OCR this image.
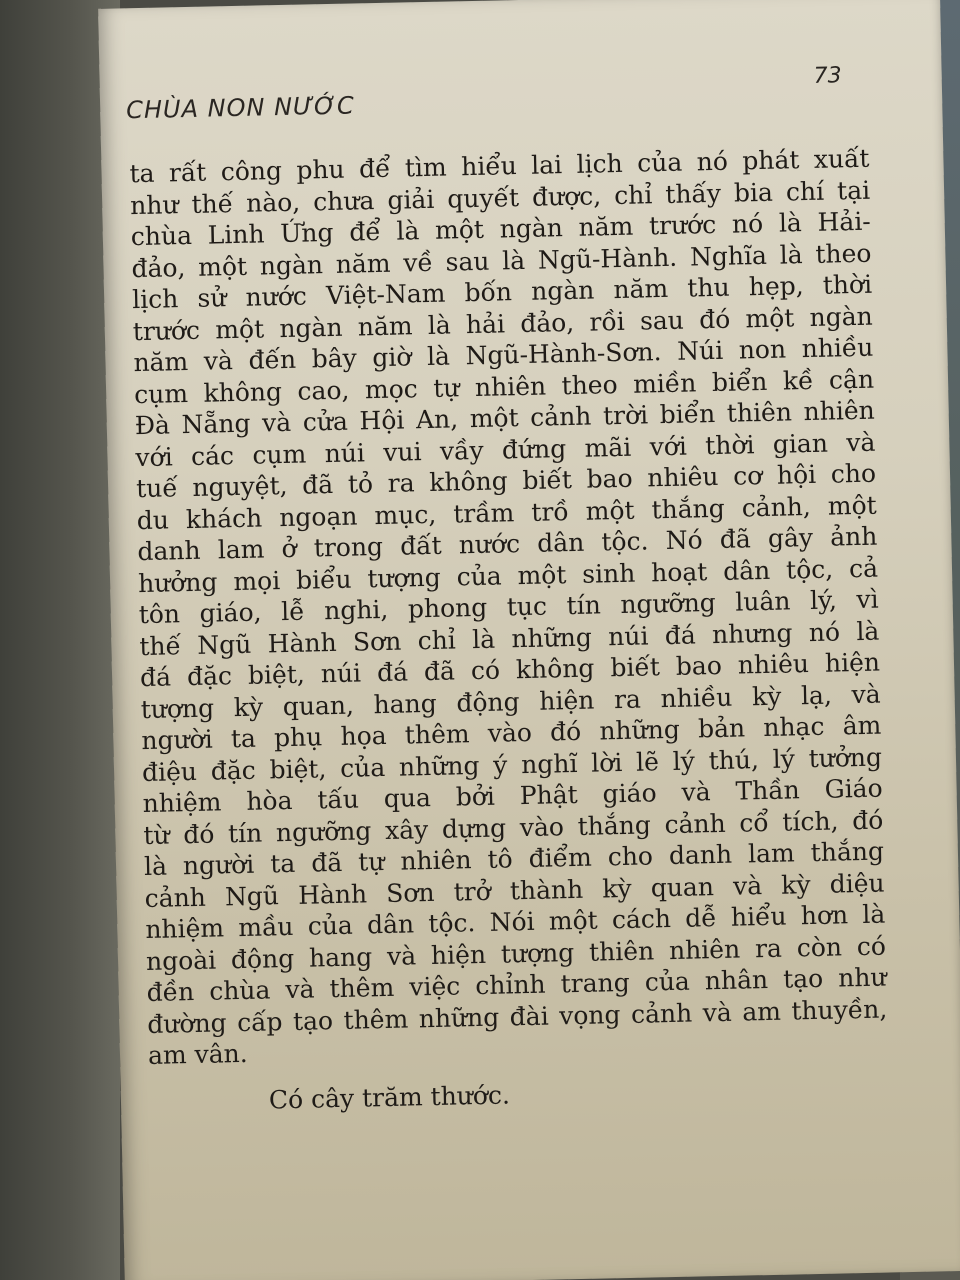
CHÙA NON NƯỚC
73
ta rất công phu để tìm hiểu lai lịch của nó phát xuất
như thế nào, chưa giải quyết được, chỉ thấy bia chí tại
chùa Linh Ứng để là một ngàn năm trước nó là Hải-
đảo, một ngàn năm về sau là Ngũ-Hành. Nghĩa là theo
lịch sử nước Việt-Nam bốn ngàn năm thu hẹp, thời
trước một ngàn năm là hải đảo, rồi sau đó một ngàn
năm và đến bây giờ là Ngũ-Hành-Sơn. Núi non nhiều
cụm không cao, mọc tự nhiên theo miền biển kề cận
Đà Nẵng và cửa Hội An, một cảnh trời biển thiên nhiên
với các cụm núi vui vầy đứng mãi với thời gian và
tuế nguyệt, đã tỏ ra không biết bao nhiêu cơ hội cho
du khách ngoạn mục, trầm trồ một thắng cảnh, một
danh lam ở trong đất nước dân tộc. Nó đã gây ảnh
hưởng mọi biểu tượng của một sinh hoạt dân tộc, cả
tôn giáo, lễ nghi, phong tục tín ngưỡng luân lý, vì
thế Ngũ Hành Sơn chỉ là những núi đá nhưng nó là
đá đặc biệt, núi đá đã có không biết bao nhiêu hiện
tượng kỳ quan, hang động hiện ra nhiều kỳ lạ, và
người ta phụ họa thêm vào đó những bản nhạc âm
điệu đặc biệt, của những ý nghĩ lời lẽ lý thú, lý tưởng
nhiệm hòa tấu qua bởi Phật giáo và Thần Giáo
từ đó tín ngưỡng xây dựng vào thắng cảnh cổ tích, đó
là người ta đã tự nhiên tô điểm cho danh lam thắng
cảnh Ngũ Hành Sơn trở thành kỳ quan và kỳ diệu
nhiệm mầu của dân tộc. Nói một cách dễ hiểu hơn là
ngoài động hang và hiện tượng thiên nhiên ra còn có
đền chùa và thêm việc chỉnh trang của nhân tạo như
đường cấp tạo thêm những đài vọng cảnh và am thuyền,
am vân.
Có cây trăm thước.
